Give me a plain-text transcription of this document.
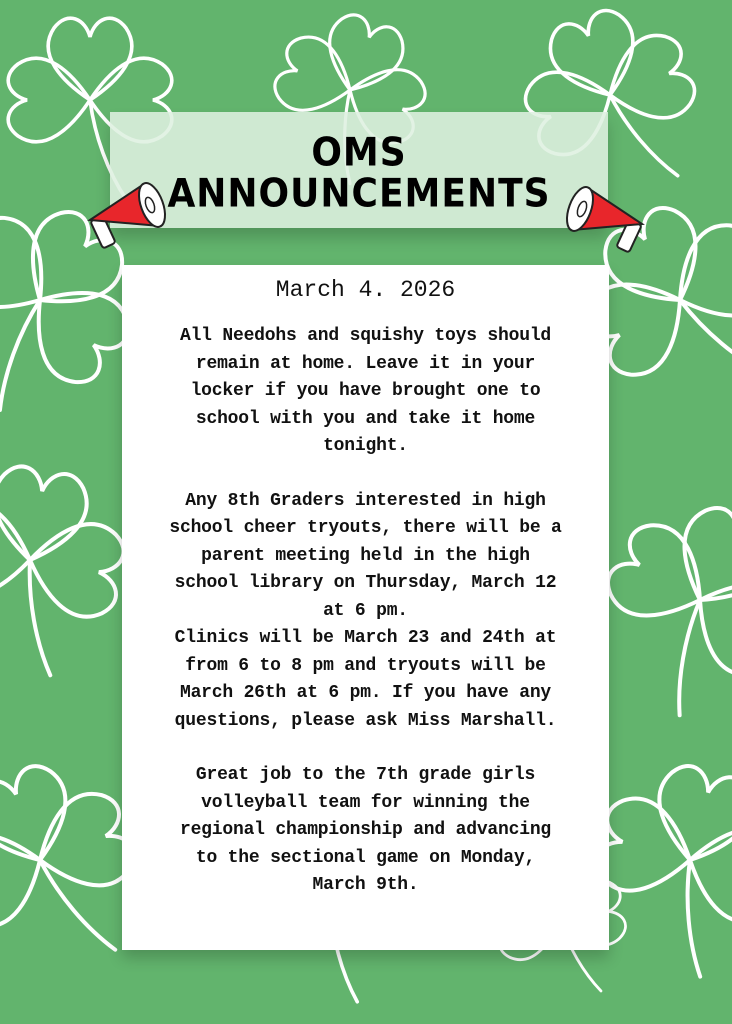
OMS
ANNOUNCEMENTS
March 4. 2026
All Needohs and squishy toys should
remain at home. Leave it in your
locker if you have brought one to
school with you and take it home
tonight.
Any 8th Graders interested in high
school cheer tryouts, there will be a
parent meeting held in the high
school library on Thursday, March 12
at 6 pm.
Clinics will be March 23 and 24th at
from 6 to 8 pm and tryouts will be
March 26th at 6 pm. If you have any
questions, please ask Miss Marshall.
Great job to the 7th grade girls
volleyball team for winning the
regional championship and advancing
to the sectional game on Monday,
March 9th.
